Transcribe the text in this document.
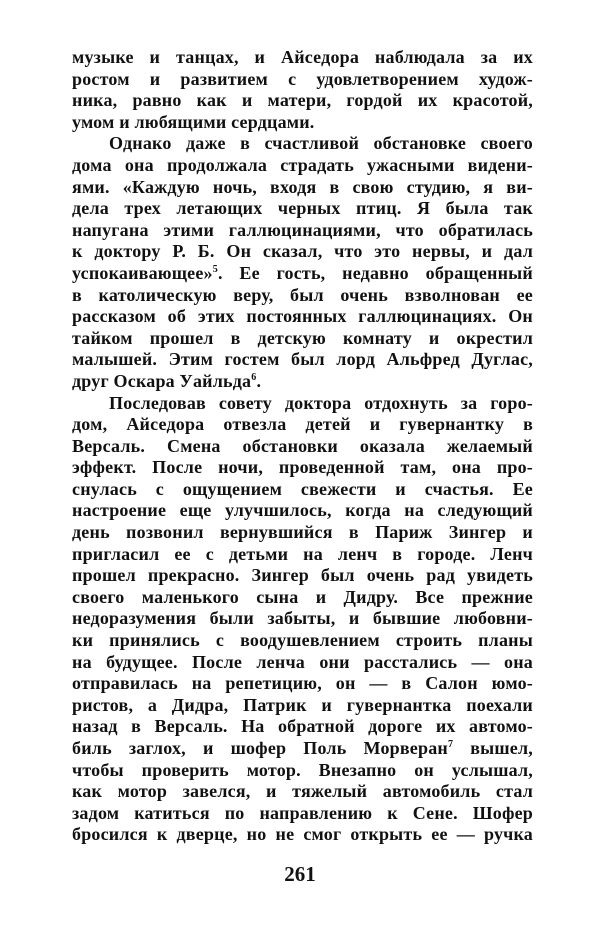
музыке и танцах, и Айседора наблюдала за их
ростом и развитием с удовлетворением худож-
ника, равно как и матери, гордой их красотой,
умом и любящими сердцами.
Однако даже в счастливой обстановке своего
дома она продолжала страдать ужасными видени-
ями. «Каждую ночь, входя в свою студию, я ви-
дела трех летающих черных птиц. Я была так
напугана этими галлюцинациями, что обратилась
к доктору Р. Б. Он сказал, что это нервы, и дал
успокаивающее»$^5$. Ее гость, недавно обращенный
в католическую веру, был очень взволнован ее
рассказом об этих постоянных галлюцинациях. Он
тайком прошел в детскую комнату и окрестил
малышей. Этим гостем был лорд Альфред Дуглас,
друг Оскара Уайльда$^6$.
Последовав совету доктора отдохнуть за горо-
дом, Айседора отвезла детей и гувернантку в
Версаль. Смена обстановки оказала желаемый
эффект. После ночи, проведенной там, она про-
снулась с ощущением свежести и счастья. Ее
настроение еще улучшилось, когда на следующий
день позвонил вернувшийся в Париж Зингер и
пригласил ее с детьми на ленч в городе. Ленч
прошел прекрасно. Зингер был очень рад увидеть
своего маленького сына и Дидру. Все прежние
недоразумения были забыты, и бывшие любовни-
ки принялись с воодушевлением строить планы
на будущее. После ленча они расстались — она
отправилась на репетицию, он — в Салон юмо-
ристов, а Дидра, Патрик и гувернантка поехали
назад в Версаль. На обратной дороге их автомо-
биль заглох, и шофер Поль Морверан$^7$ вышел,
чтобы проверить мотор. Внезапно он услышал,
как мотор завелся, и тяжелый автомобиль стал
задом катиться по направлению к Сене. Шофер
бросился к дверце, но не смог открыть ее — ручка
261
